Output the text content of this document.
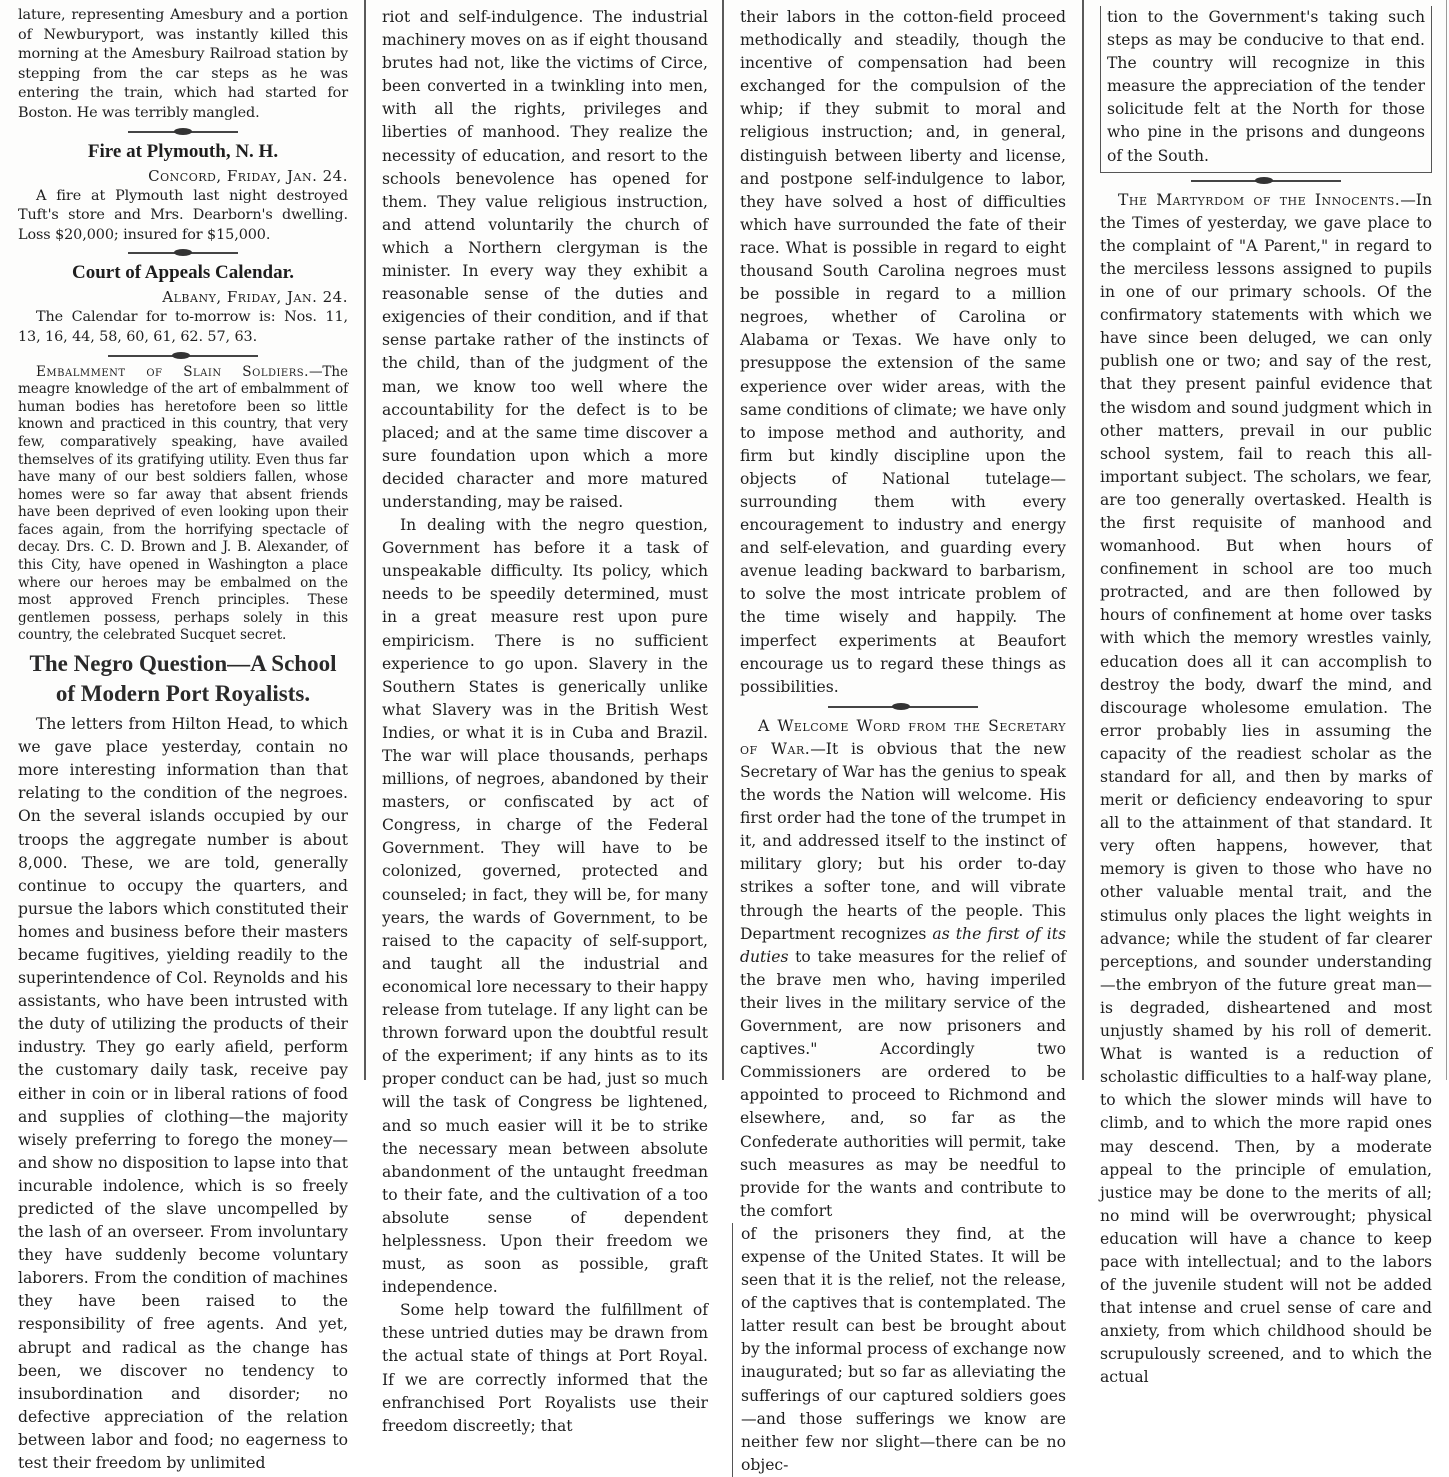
lature, representing Amesbury and a portion of Newburyport, was instantly killed this morning at the Amesbury Railroad station by stepping from the car steps as he was entering the train, which had started for Boston. He was terribly mangled.

Fire at Plymouth, N. H.
Concord, Friday, Jan. 24.

A fire at Plymouth last night destroyed Tuft's store and Mrs. Dearborn's dwelling. Loss $20,000; insured for $15,000.

Court of Appeals Calendar.
Albany, Friday, Jan. 24.

The Calendar for to-morrow is: Nos. 11, 13, 16, 44, 58, 60, 61, 62. 57, 63.

Embalmment of Slain Soldiers.—The meagre knowledge of the art of embalmment of human bodies has heretofore been so little known and practiced in this country, that very few, comparatively speaking, have availed themselves of its gratifying utility. Even thus far have many of our best soldiers fallen, whose homes were so far away that absent friends have been deprived of even looking upon their faces again, from the horrifying spectacle of decay. Drs. C. D. Brown and J. B. Alexander, of this City, have opened in Washington a place where our heroes may be embalmed on the most approved French principles. These gentlemen possess, perhaps solely in this country, the celebrated Sucquet secret.

The Negro Question—A School of Modern Port Royalists.

The letters from Hilton Head, to which we gave place yesterday, contain no more interesting information than that relating to the condition of the negroes. On the several islands occupied by our troops the aggregate number is about 8,000. These, we are told, generally continue to occupy the quarters, and pursue the labors which constituted their homes and business before their masters became fugitives, yielding readily to the superintendence of Col. Reynolds and his assistants, who have been intrusted with the duty of utilizing the products of their industry. They go early afield, perform the customary daily task, receive pay either in coin or in liberal rations of food and supplies of clothing—the majority wisely preferring to forego the money—and show no disposition to lapse into that incurable indolence, which is so freely predicted of the slave uncompelled by the lash of an overseer. From involuntary they have suddenly become voluntary laborers. From the condition of machines they have been raised to the responsibility of free agents. And yet, abrupt and radical as the change has been, we discover no tendency to insubordination and disorder; no defective appreciation of the relation between labor and food; no eagerness to test their freedom by unlimited

riot and self-indulgence. The industrial machinery moves on as if eight thousand brutes had not, like the victims of Circe, been converted in a twinkling into men, with all the rights, privileges and liberties of manhood. They realize the necessity of education, and resort to the schools benevolence has opened for them. They value religious instruction, and attend voluntarily the church of which a Northern clergyman is the minister. In every way they exhibit a reasonable sense of the duties and exigencies of their condition, and if that sense partake rather of the instincts of the child, than of the judgment of the man, we know too well where the accountability for the defect is to be placed; and at the same time discover a sure foundation upon which a more decided character and more matured understanding, may be raised.

In dealing with the negro question, Government has before it a task of unspeakable difficulty. Its policy, which needs to be speedily determined, must in a great measure rest upon pure empiricism. There is no sufficient experience to go upon. Slavery in the Southern States is generically unlike what Slavery was in the British West Indies, or what it is in Cuba and Brazil. The war will place thousands, perhaps millions, of negroes, abandoned by their masters, or confiscated by act of Congress, in charge of the Federal Government. They will have to be colonized, governed, protected and counseled; in fact, they will be, for many years, the wards of Government, to be raised to the capacity of self-support, and taught all the industrial and economical lore necessary to their happy release from tutelage. If any light can be thrown forward upon the doubtful result of the experiment; if any hints as to its proper conduct can be had, just so much will the task of Congress be lightened, and so much easier will it be to strike the necessary mean between absolute abandonment of the untaught freedman to their fate, and the cultivation of a too absolute sense of dependent helplessness. Upon their freedom we must, as soon as possible, graft independence.

Some help toward the fulfillment of these untried duties may be drawn from the actual state of things at Port Royal. If we are correctly informed that the enfranchised Port Royalists use their freedom discreetly; that

their labors in the cotton-field proceed methodically and steadily, though the incentive of compensation had been exchanged for the compulsion of the whip; if they submit to moral and religious instruction; and, in general, distinguish between liberty and license, and postpone self-indulgence to labor, they have solved a host of difficulties which have surrounded the fate of their race. What is possible in regard to eight thousand South Carolina negroes must be possible in regard to a million negroes, whether of Carolina or Alabama or Texas. We have only to presuppose the extension of the same experience over wider areas, with the same conditions of climate; we have only to impose method and authority, and firm but kindly discipline upon the objects of National tutelage—surrounding them with every encouragement to industry and energy and self-elevation, and guarding every avenue leading backward to barbarism, to solve the most intricate problem of the time wisely and happily. The imperfect experiments at Beaufort encourage us to regard these things as possibilities.

A Welcome Word from the Secretary of War.—It is obvious that the new Secretary of War has the genius to speak the words the Nation will welcome. His first order had the tone of the trumpet in it, and addressed itself to the instinct of military glory; but his order to-day strikes a softer tone, and will vibrate through the hearts of the people. This Department recognizes as the first of its duties to take measures for the relief of the brave men who, having imperiled their lives in the military service of the Government, are now prisoners and captives." Accordingly two Commissioners are ordered to be appointed to proceed to Richmond and elsewhere, and, so far as the Confederate authorities will permit, take such measures as may be needful to provide for the wants and contribute to the comfort

of the prisoners they find, at the expense of the United States. It will be seen that it is the relief, not the release, of the captives that is contemplated. The latter result can best be brought about by the informal process of exchange now inaugurated; but so far as alleviating the sufferings of our captured soldiers goes—and those sufferings we know are neither few nor slight—there can be no objec-

tion to the Government's taking such steps as may be conducive to that end. The country will recognize in this measure the appreciation of the tender solicitude felt at the North for those who pine in the prisons and dungeons of the South.

The Martyrdom of the Innocents.—In the Times of yesterday, we gave place to the complaint of "A Parent," in regard to the merciless lessons assigned to pupils in one of our primary schools. Of the confirmatory statements with which we have since been deluged, we can only publish one or two; and say of the rest, that they present painful evidence that the wisdom and sound judgment which in other matters, prevail in our public school system, fail to reach this all-important subject. The scholars, we fear, are too generally overtasked. Health is the first requisite of manhood and womanhood. But when hours of confinement in school are too much protracted, and are then followed by hours of confinement at home over tasks with which the memory wrestles vainly, education does all it can accomplish to destroy the body, dwarf the mind, and discourage wholesome emulation. The error probably lies in assuming the capacity of the readiest scholar as the standard for all, and then by marks of merit or deficiency endeavoring to spur all to the attainment of that standard. It very often happens, however, that memory is given to those who have no other valuable mental trait, and the stimulus only places the light weights in advance; while the student of far clearer perceptions, and sounder understanding—the embryon of the future great man—is degraded, disheartened and most unjustly shamed by his roll of demerit. What is wanted is a reduction of scholastic difficulties to a half-way plane, to which the slower minds will have to climb, and to which the more rapid ones may descend. Then, by a moderate appeal to the principle of emulation, justice may be done to the merits of all; no mind will be overwrought; physical education will have a chance to keep pace with intellectual; and to the labors of the juvenile student will not be added that intense and cruel sense of care and anxiety, from which childhood should be scrupulously screened, and to which the actual
